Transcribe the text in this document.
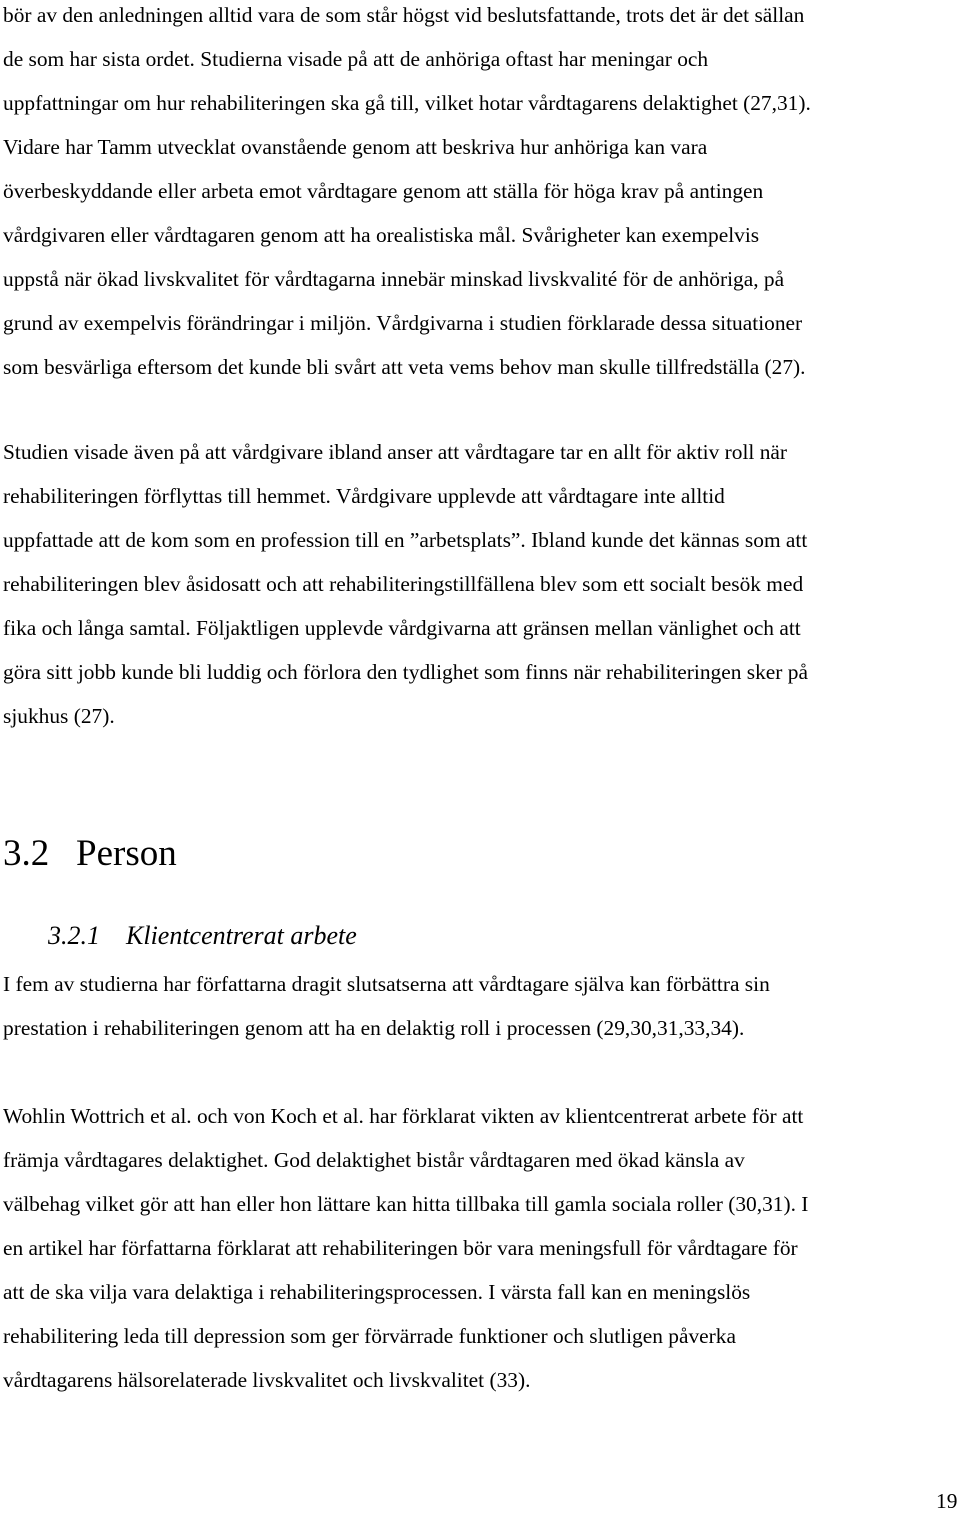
bör av den anledningen alltid vara de som står högst vid beslutsfattande, trots det är det sällan
de som har sista ordet. Studierna visade på att de anhöriga oftast har meningar och
uppfattningar om hur rehabiliteringen ska gå till, vilket hotar vårdtagarens delaktighet (27,31).
Vidare har Tamm utvecklat ovanstående genom att beskriva hur anhöriga kan vara
överbeskyddande eller arbeta emot vårdtagare genom att ställa för höga krav på antingen
vårdgivaren eller vårdtagaren genom att ha orealistiska mål. Svårigheter kan exempelvis
uppstå när ökad livskvalitet för vårdtagarna innebär minskad livskvalité för de anhöriga, på
grund av exempelvis förändringar i miljön. Vårdgivarna i studien förklarade dessa situationer
som besvärliga eftersom det kunde bli svårt att veta vems behov man skulle tillfredställa (27).
Studien visade även på att vårdgivare ibland anser att vårdtagare tar en allt för aktiv roll när
rehabiliteringen förflyttas till hemmet. Vårdgivare upplevde att vårdtagare inte alltid
uppfattade att de kom som en profession till en ”arbetsplats”. Ibland kunde det kännas som att
rehabiliteringen blev åsidosatt och att rehabiliteringstillfällena blev som ett socialt besök med
fika och långa samtal. Följaktligen upplevde vårdgivarna att gränsen mellan vänlighet och att
göra sitt jobb kunde bli luddig och förlora den tydlighet som finns när rehabiliteringen sker på
sjukhus (27).
3.2 Person
3.2.1 Klientcentrerat arbete
I fem av studierna har författarna dragit slutsatserna att vårdtagare själva kan förbättra sin
prestation i rehabiliteringen genom att ha en delaktig roll i processen (29,30,31,33,34).
Wohlin Wottrich et al. och von Koch et al. har förklarat vikten av klientcentrerat arbete för att
främja vårdtagares delaktighet. God delaktighet bistår vårdtagaren med ökad känsla av
välbehag vilket gör att han eller hon lättare kan hitta tillbaka till gamla sociala roller (30,31). I
en artikel har författarna förklarat att rehabiliteringen bör vara meningsfull för vårdtagare för
att de ska vilja vara delaktiga i rehabiliteringsprocessen. I värsta fall kan en meningslös
rehabilitering leda till depression som ger förvärrade funktioner och slutligen påverka
vårdtagarens hälsorelaterade livskvalitet och livskvalitet (33).
19
